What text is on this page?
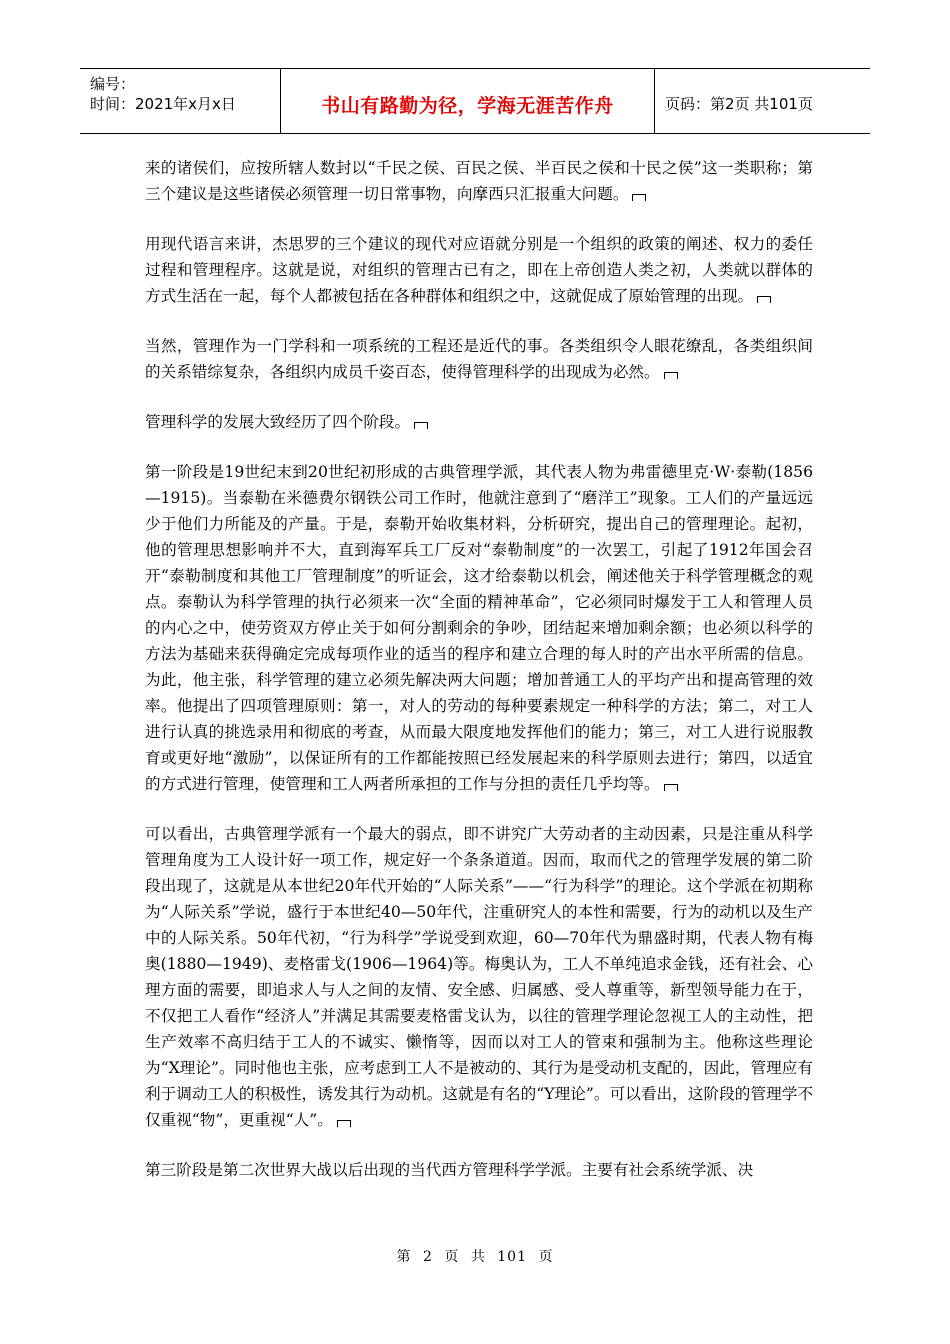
编号：
时间：2021年x月x日	书山有路勤为径，学海无涯苦作舟	页码：第2页 共101页

来的诸侯们，应按所辖人数封以“千民之侯、百民之侯、半百民之侯和十民之侯”这一类职称；第三个建议是这些诸侯必须管理一切日常事物，向摩西只汇报重大问题。

用现代语言来讲，杰思罗的三个建议的现代对应语就分别是一个组织的政策的阐述、权力的委任过程和管理程序。这就是说，对组织的管理古已有之，即在上帝创造人类之初，人类就以群体的方式生活在一起，每个人都被包括在各种群体和组织之中，这就促成了原始管理的出现。

当然，管理作为一门学科和一项系统的工程还是近代的事。各类组织令人眼花缭乱，各类组织间的关系错综复杂，各组织内成员千姿百态，使得管理科学的出现成为必然。

管理科学的发展大致经历了四个阶段。

第一阶段是19世纪末到20世纪初形成的古典管理学派，其代表人物为弗雷德里克·W·泰勒(1856—1915)。当泰勒在米德费尔钢铁公司工作时，他就注意到了“磨洋工”现象。工人们的产量远远少于他们力所能及的产量。于是，泰勒开始收集材料，分析研究，提出自己的管理理论。起初，他的管理思想影响并不大，直到海军兵工厂反对“泰勒制度”的一次罢工，引起了1912年国会召开“泰勒制度和其他工厂管理制度”的听证会，这才给泰勒以机会，阐述他关于科学管理概念的观点。泰勒认为科学管理的执行必须来一次“全面的精神革命”，它必须同时爆发于工人和管理人员的内心之中，使劳资双方停止关于如何分割剩余的争吵，团结起来增加剩余额；也必须以科学的方法为基础来获得确定完成每项作业的适当的程序和建立合理的每人时的产出水平所需的信息。为此，他主张，科学管理的建立必须先解决两大问题；增加普通工人的平均产出和提高管理的效率。他提出了四项管理原则：第一，对人的劳动的每种要素规定一种科学的方法；第二，对工人进行认真的挑选录用和彻底的考查，从而最大限度地发挥他们的能力；第三，对工人进行说服教育或更好地“激励”，以保证所有的工作都能按照已经发展起来的科学原则去进行；第四，以适宜的方式进行管理，使管理和工人两者所承担的工作与分担的责任几乎均等。

可以看出，古典管理学派有一个最大的弱点，即不讲究广大劳动者的主动因素，只是注重从科学管理角度为工人设计好一项工作，规定好一个条条道道。因而，取而代之的管理学发展的第二阶段出现了，这就是从本世纪20年代开始的“人际关系”——“行为科学”的理论。这个学派在初期称为“人际关系”学说，盛行于本世纪40—50年代，注重研究人的本性和需要，行为的动机以及生产中的人际关系。50年代初，“行为科学”学说受到欢迎，60—70年代为鼎盛时期，代表人物有梅奥(1880—1949)、麦格雷戈(1906—1964)等。梅奥认为，工人不单纯追求金钱，还有社会、心理方面的需要，即追求人与人之间的友情、安全感、归属感、受人尊重等，新型领导能力在于，不仅把工人看作“经济人”并满足其需要麦格雷戈认为，以往的管理学理论忽视工人的主动性，把生产效率不高归结于工人的不诚实、懒惰等，因而以对工人的管束和强制为主。他称这些理论为“X理论”。同时他也主张，应考虑到工人不是被动的、其行为是受动机支配的，因此，管理应有利于调动工人的积极性，诱发其行为动机。这就是有名的“Y理论”。可以看出，这阶段的管理学不仅重视“物”，更重视“人”。

第三阶段是第二次世界大战以后出现的当代西方管理科学学派。主要有社会系统学派、决

第 2 页 共 101 页
